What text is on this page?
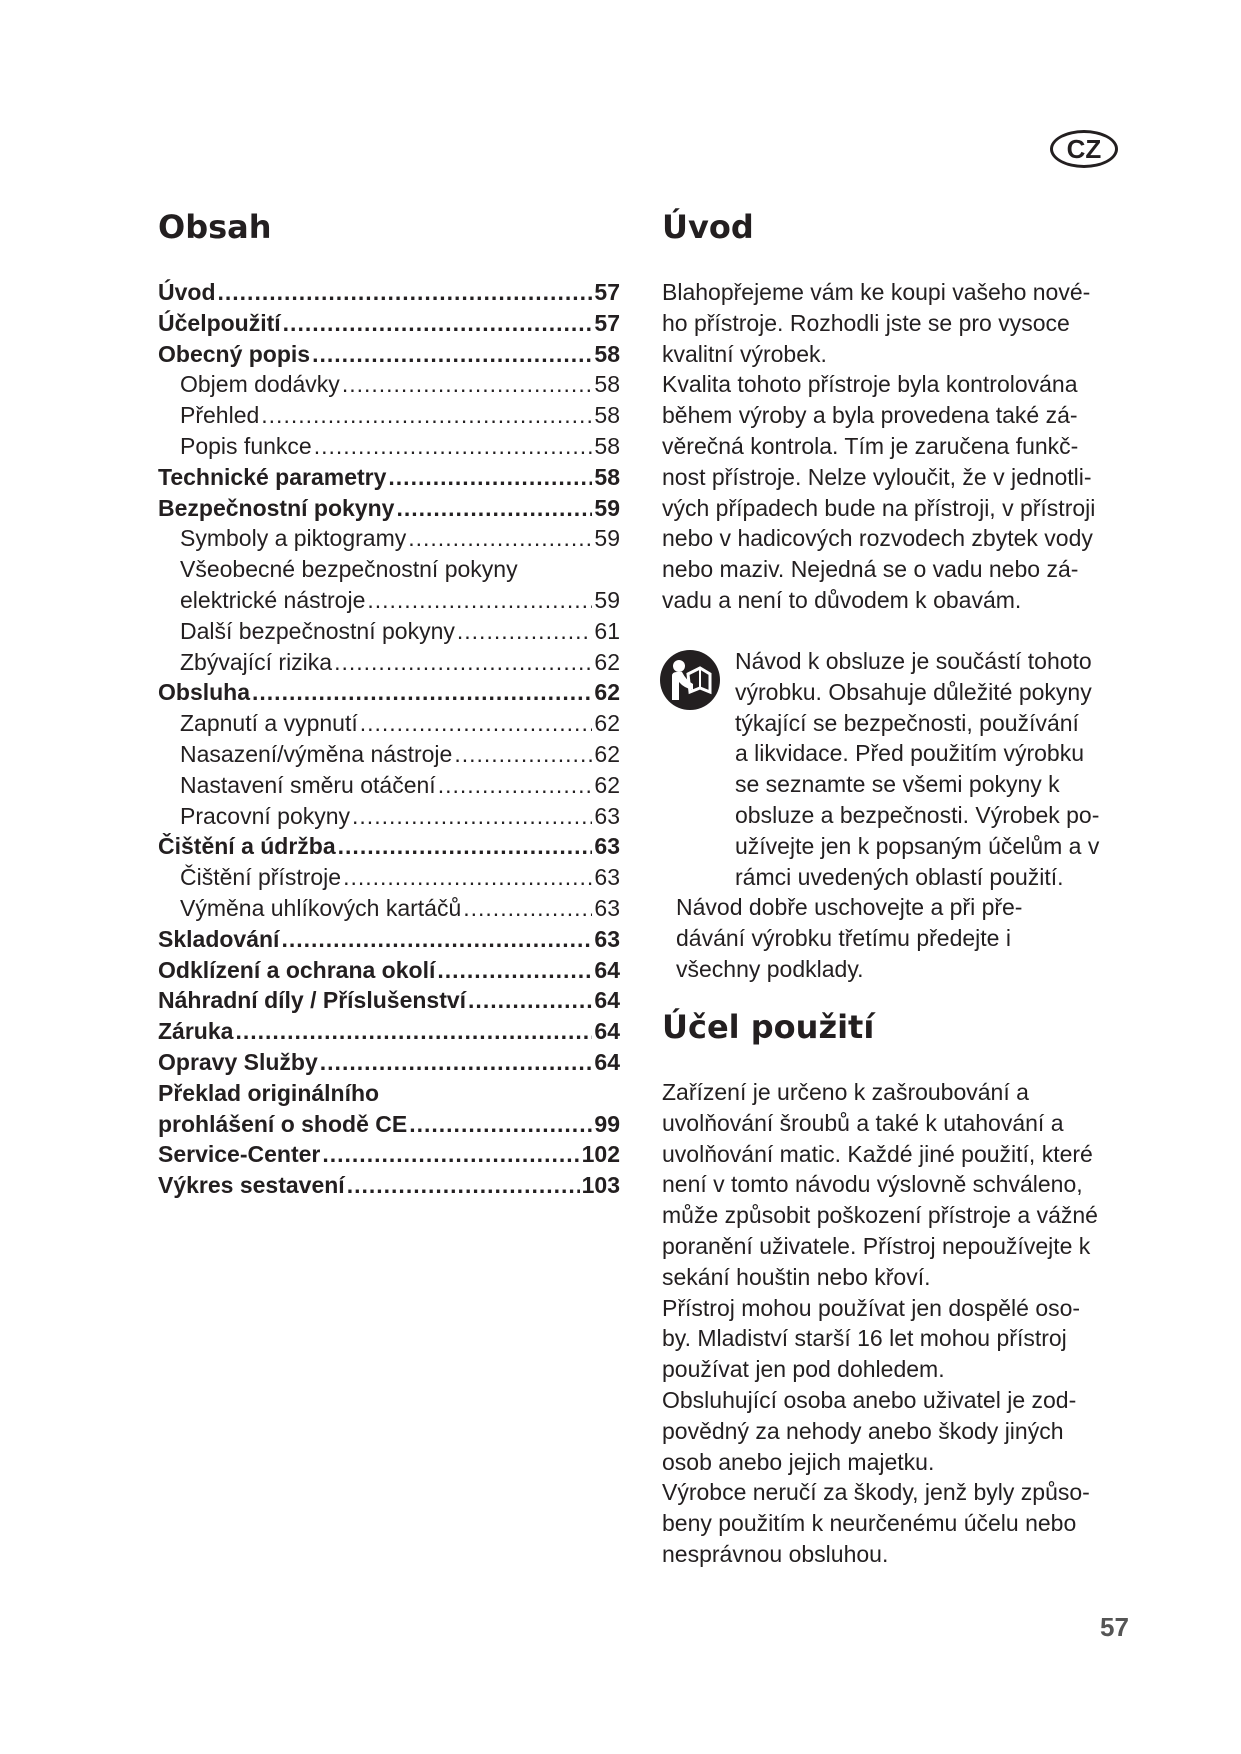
CZ
Obsah
Úvod .....	57
Účelpoužití .....	57
Obecný popis .....	58
Objem dodávky .....	58
Přehled .....	58
Popis funkce .....	58
Technické parametry .....	58
Bezpečnostní pokyny .....	59
Symboly a piktogramy .....	59
Všeobecné bezpečnostní pokyny
elektrické nástroje .....	59
Další bezpečnostní pokyny .....	61
Zbývající rizika .....	62
Obsluha .....	62
Zapnutí a vypnutí .....	62
Nasazení/výměna nástroje .....	62
Nastavení směru otáčení .....	62
Pracovní pokyny .....	63
Čištění a údržba .....	63
Čištění přístroje .....	63
Výměna uhlíkových kartáčů .....	63
Skladování .....	63
Odklízení a ochrana okolí .....	64
Náhradní díly / Příslušenství .....	64
Záruka .....	64
Opravy Služby .....	64
Překlad originálního
prohlášení o shodě CE .....	99
Service-Center .....	102
Výkres sestavení .....	103
Úvod
Blahopřejeme vám ke koupi vašeho nové-
ho přístroje. Rozhodli jste se pro vysoce
kvalitní výrobek.
Kvalita tohoto přístroje byla kontrolována
během výroby a byla provedena také zá-
věrečná kontrola. Tím je zaručena funkč-
nost přístroje. Nelze vyloučit, že v jednotli-
vých případech bude na přístroji, v přístroji
nebo v hadicových rozvodech zbytek vody
nebo maziv. Nejedná se o vadu nebo zá-
vadu a není to důvodem k obavám.
Návod k obsluze je součástí tohoto
výrobku. Obsahuje důležité pokyny
týkající se bezpečnosti, používání
a likvidace. Před použitím výrobku
se seznamte se všemi pokyny k
obsluze a bezpečnosti. Výrobek po-
užívejte jen k popsaným účelům a v
rámci uvedených oblastí použití.
Návod dobře uschovejte a při pře-
dávání výrobku třetímu předejte i
všechny podklady.
Účel použití
Zařízení je určeno k zašroubování a
uvolňování šroubů a také k utahování a
uvolňování matic. Každé jiné použití, které
není v tomto návodu výslovně schváleno,
může způsobit poškození přístroje a vážné
poranění uživatele. Přístroj nepoužívejte k
sekání houštin nebo křoví.
Přístroj mohou používat jen dospělé oso-
by. Mladiství starší 16 let mohou přístroj
používat jen pod dohledem.
Obsluhující osoba anebo uživatel je zod-
povědný za nehody anebo škody jiných
osob anebo jejich majetku.
Výrobce neručí za škody, jenž byly způso-
beny použitím k neurčenému účelu nebo
nesprávnou obsluhou.
57
